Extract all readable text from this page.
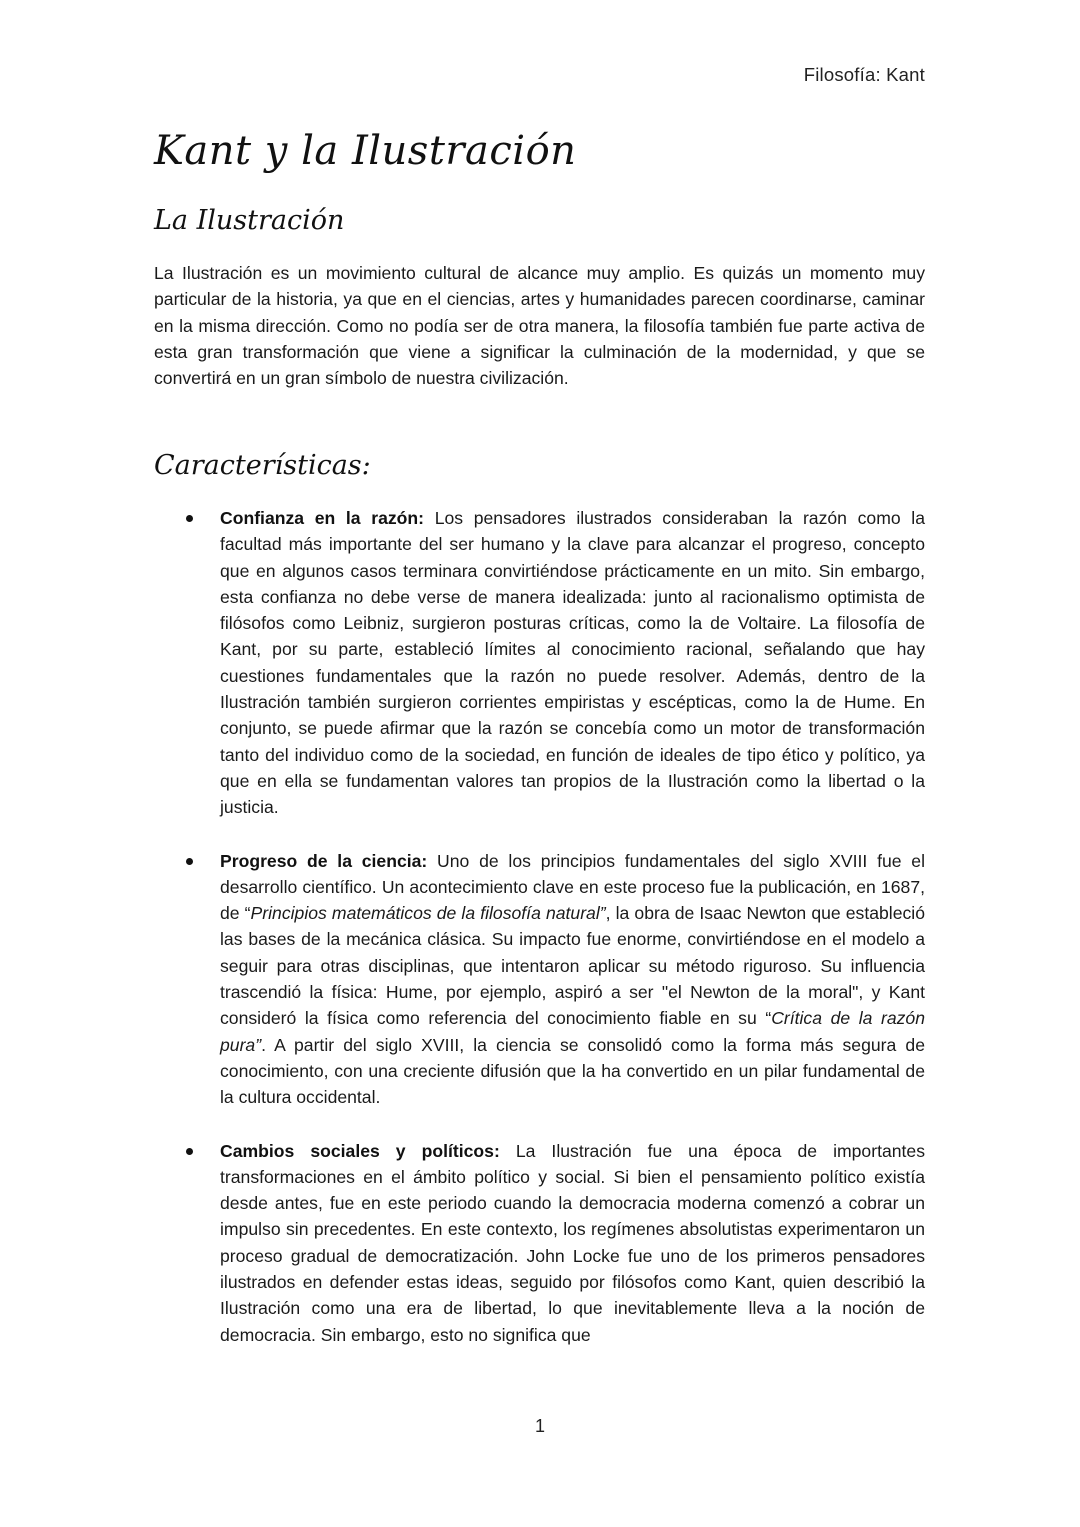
Filosofía: Kant
Kant y la Ilustración
La Ilustración

La Ilustración es un movimiento cultural de alcance muy amplio. Es quizás un momento muy particular de la historia, ya que en el ciencias, artes y humanidades parecen coordinarse, caminar en la misma dirección. Como no podía ser de otra manera, la filosofía también fue parte activa de esta gran transformación que viene a significar la culminación de la modernidad, y que se convertirá en un gran símbolo de nuestra civilización.

Características:
Confianza en la razón: Los pensadores ilustrados consideraban la razón como la facultad más importante del ser humano y la clave para alcanzar el progreso, concepto que en algunos casos terminara convirtiéndose prácticamente en un mito. Sin embargo, esta confianza no debe verse de manera idealizada: junto al racionalismo optimista de filósofos como Leibniz, surgieron posturas críticas, como la de Voltaire. La filosofía de Kant, por su parte, estableció límites al conocimiento racional, señalando que hay cuestiones fundamentales que la razón no puede resolver. Además, dentro de la Ilustración también surgieron corrientes empiristas y escépticas, como la de Hume. En conjunto, se puede afirmar que la razón se concebía como un motor de transformación tanto del individuo como de la sociedad, en función de ideales de tipo ético y político, ya que en ella se fundamentan valores tan propios de la Ilustración como la libertad o la justicia.
Progreso de la ciencia: Uno de los principios fundamentales del siglo XVIII fue el desarrollo científico. Un acontecimiento clave en este proceso fue la publicación, en 1687, de “Principios matemáticos de la filosofía natural”, la obra de Isaac Newton que estableció las bases de la mecánica clásica. Su impacto fue enorme, convirtiéndose en el modelo a seguir para otras disciplinas, que intentaron aplicar su método riguroso. Su influencia trascendió la física: Hume, por ejemplo, aspiró a ser "el Newton de la moral", y Kant consideró la física como referencia del conocimiento fiable en su “Crítica de la razón pura”. A partir del siglo XVIII, la ciencia se consolidó como la forma más segura de conocimiento, con una creciente difusión que la ha convertido en un pilar fundamental de la cultura occidental.
Cambios sociales y políticos: La Ilustración fue una época de importantes transformaciones en el ámbito político y social. Si bien el pensamiento político existía desde antes, fue en este periodo cuando la democracia moderna comenzó a cobrar un impulso sin precedentes. En este contexto, los regímenes absolutistas experimentaron un proceso gradual de democratización. John Locke fue uno de los primeros pensadores ilustrados en defender estas ideas, seguido por filósofos como Kant, quien describió la Ilustración como una era de libertad, lo que inevitablemente lleva a la noción de democracia. Sin embargo, esto no significa que
1
